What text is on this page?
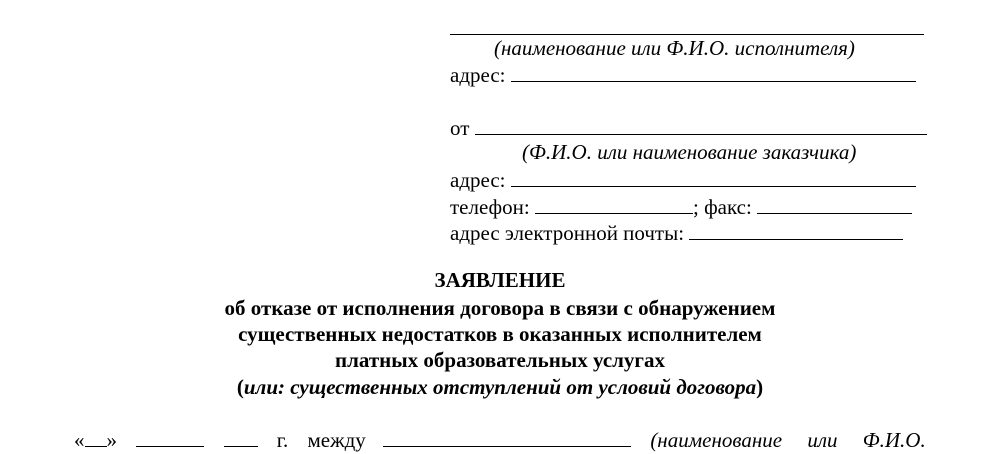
(наименование или Ф.И.О. исполнителя)
адрес:
от
(Ф.И.О. или наименование заказчика)
адрес:
телефон:	; факс:
адрес электронной почты:
ЗАЯВЛЕНИЕ
об отказе от исполнения договора в связи с обнаружением
существенных недостатков в оказанных исполнителем
платных образовательных услугах
(или: существенных отступлений от условий договора)
« »	г. между	(наименование или Ф.И.О.
